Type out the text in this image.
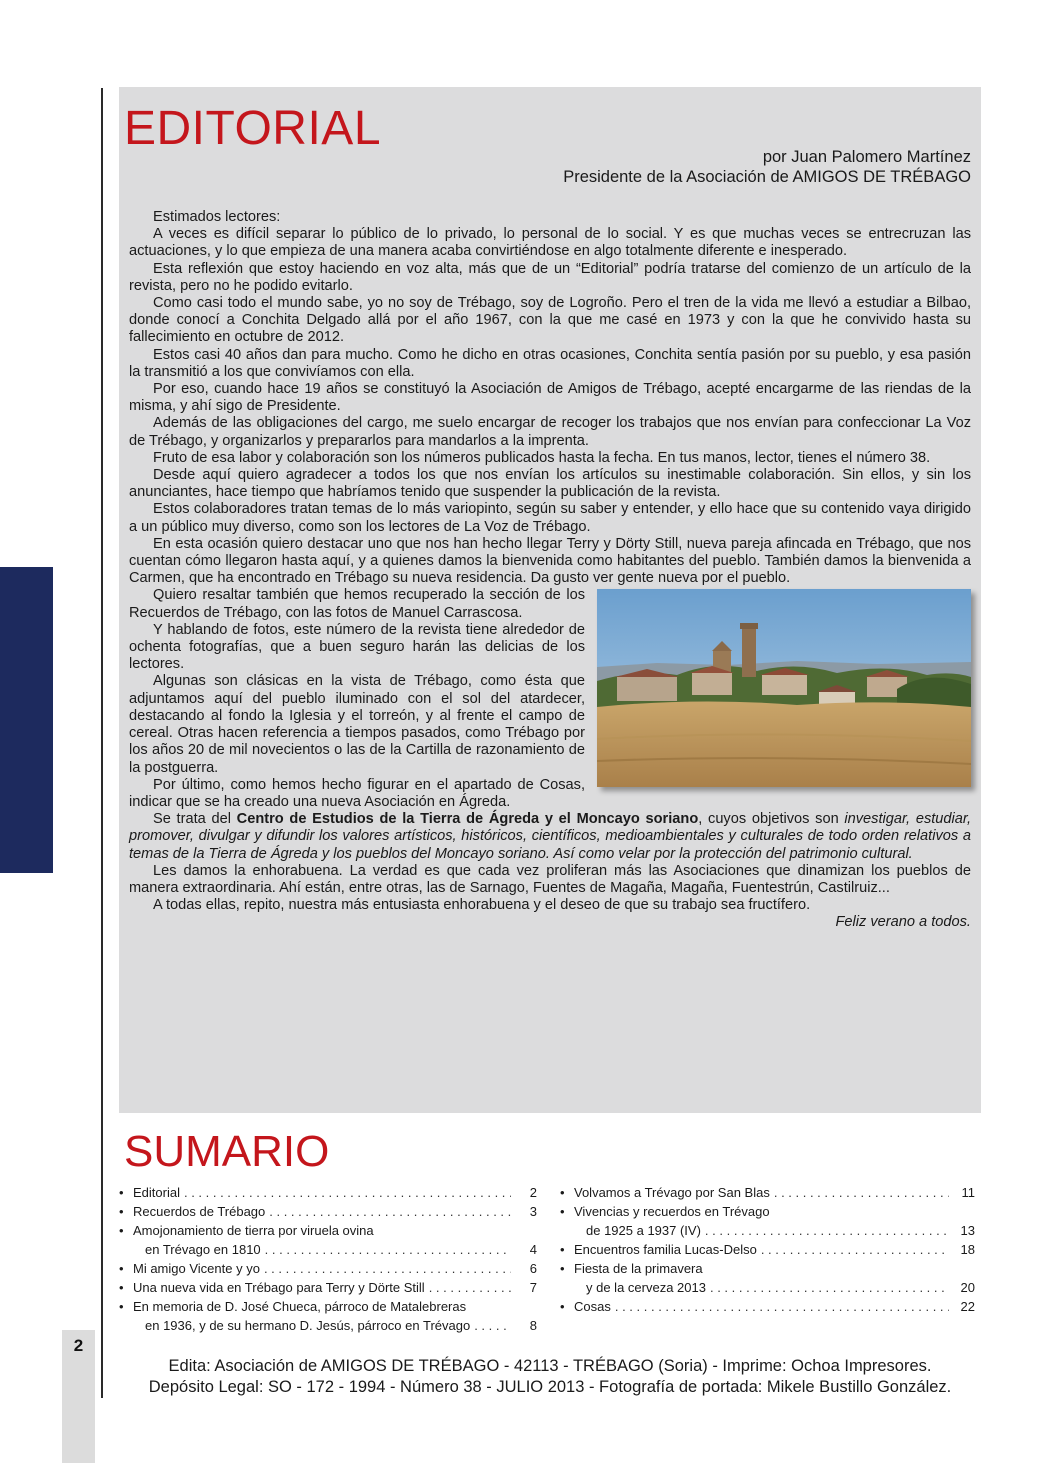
2
EDITORIAL
por Juan Palomero Martínez
Presidente de la Asociación de AMIGOS DE TRÉBAGO

Estimados lectores:

A veces es difícil separar lo público de lo privado, lo personal de lo social. Y es que muchas veces se entrecruzan las actuaciones, y lo que empieza de una manera acaba convirtiéndose en algo totalmente diferente e inesperado.

Esta reflexión que estoy haciendo en voz alta, más que de un “Editorial” podría tratarse del comienzo de un artículo de la revista, pero no he podido evitarlo.

Como casi todo el mundo sabe, yo no soy de Trébago, soy de Logroño. Pero el tren de la vida me llevó a estudiar a Bilbao, donde conocí a Conchita Delgado allá por el año 1967, con la que me casé en 1973 y con la que he convivido hasta su fallecimiento en octubre de 2012.

Estos casi 40 años dan para mucho. Como he dicho en otras ocasiones, Conchita sentía pasión por su pueblo, y esa pasión la transmitió a los que convivíamos con ella.

Por eso, cuando hace 19 años se constituyó la Asociación de Amigos de Trébago, acepté encargarme de las riendas de la misma, y ahí sigo de Presidente.

Además de las obligaciones del cargo, me suelo encargar de recoger los trabajos que nos envían para confeccionar La Voz de Trébago, y organizarlos y prepararlos para mandarlos a la imprenta.

Fruto de esa labor y colaboración son los números publicados hasta la fecha. En tus manos, lector, tienes el número 38.

Desde aquí quiero agradecer a todos los que nos envían los artículos su inestimable colaboración. Sin ellos, y sin los anunciantes, hace tiempo que habríamos tenido que suspender la publicación de la revista.

Estos colaboradores tratan temas de lo más variopinto, según su saber y entender, y ello hace que su contenido vaya dirigido a un público muy diverso, como son los lectores de La Voz de Trébago.

En esta ocasión quiero destacar uno que nos han hecho llegar Terry y Dörty Still, nueva pareja afincada en Trébago, que nos cuentan cómo llegaron hasta aquí, y a quienes damos la bienvenida como habitantes del pueblo. También damos la bienvenida a Carmen, que ha encontrado en Trébago su nueva residencia. Da gusto ver gente nueva por el pueblo.

Quiero resaltar también que hemos recuperado la sección de los Recuerdos de Trébago, con las fotos de Manuel Carrascosa.

Y hablando de fotos, este número de la revista tiene alrededor de ochenta fotografías, que a buen seguro harán las delicias de los lectores.

Algunas son clásicas en la vista de Trébago, como ésta que adjuntamos aquí del pueblo iluminado con el sol del atardecer, destacando al fondo la Iglesia y el torreón, y al frente el campo de cereal. Otras hacen referencia a tiempos pasados, como Trébago por los años 20 de mil novecientos o las de la Cartilla de razonamiento de la postguerra.

Por último, como hemos hecho figurar en el apartado de Cosas, indicar que se ha creado una nueva Asociación en Ágreda.

Se trata del Centro de Estudios de la Tierra de Ágreda y el Moncayo soriano, cuyos objetivos son investigar, estudiar, promover, divulgar y difundir los valores artísticos, históricos, científicos, medioambientales y culturales de todo orden relativos a temas de la Tierra de Ágreda y los pueblos del Moncayo soriano. Así como velar por la protección del patrimonio cultural.

Les damos la enhorabuena. La verdad es que cada vez proliferan más las Asociaciones que dinamizan los pueblos de manera extraordinaria. Ahí están, entre otras, las de Sarnago, Fuentes de Magaña, Magaña, Fuentestrún, Castilruiz...

A todas ellas, repito, nuestra más entusiasta enhorabuena y el deseo de que su trabajo sea fructífero.

Feliz verano a todos.

SUMARIO
• Editorial . . .	2
• Recuerdos de Trébago . . .	3
• Amojonamiento de tierra por viruela ovina
en Trévago en 1810 . . .	4
• Mi amigo Vicente y yo . . .	6
• Una nueva vida en Trébago para Terry y Dörte Still . . .	7
• En memoria de D. José Chueca, párroco de Matalebreras
en 1936, y de su hermano D. Jesús, párroco en Trévago . . .	8
• Volvamos a Trévago por San Blas . . .	11
• Vivencias y recuerdos en Trévago
de 1925 a 1937 (IV) . . .	13
• Encuentros familia Lucas-Delso . . .	18
• Fiesta de la primavera
y de la cerveza 2013 . . .	20
• Cosas . . .	22
Edita: Asociación de AMIGOS DE TRÉBAGO - 42113 - TRÉBAGO (Soria) - Imprime: Ochoa Impresores.
Depósito Legal: SO - 172 - 1994 - Número 38 - JULIO 2013 - Fotografía de portada: Mikele Bustillo González.
